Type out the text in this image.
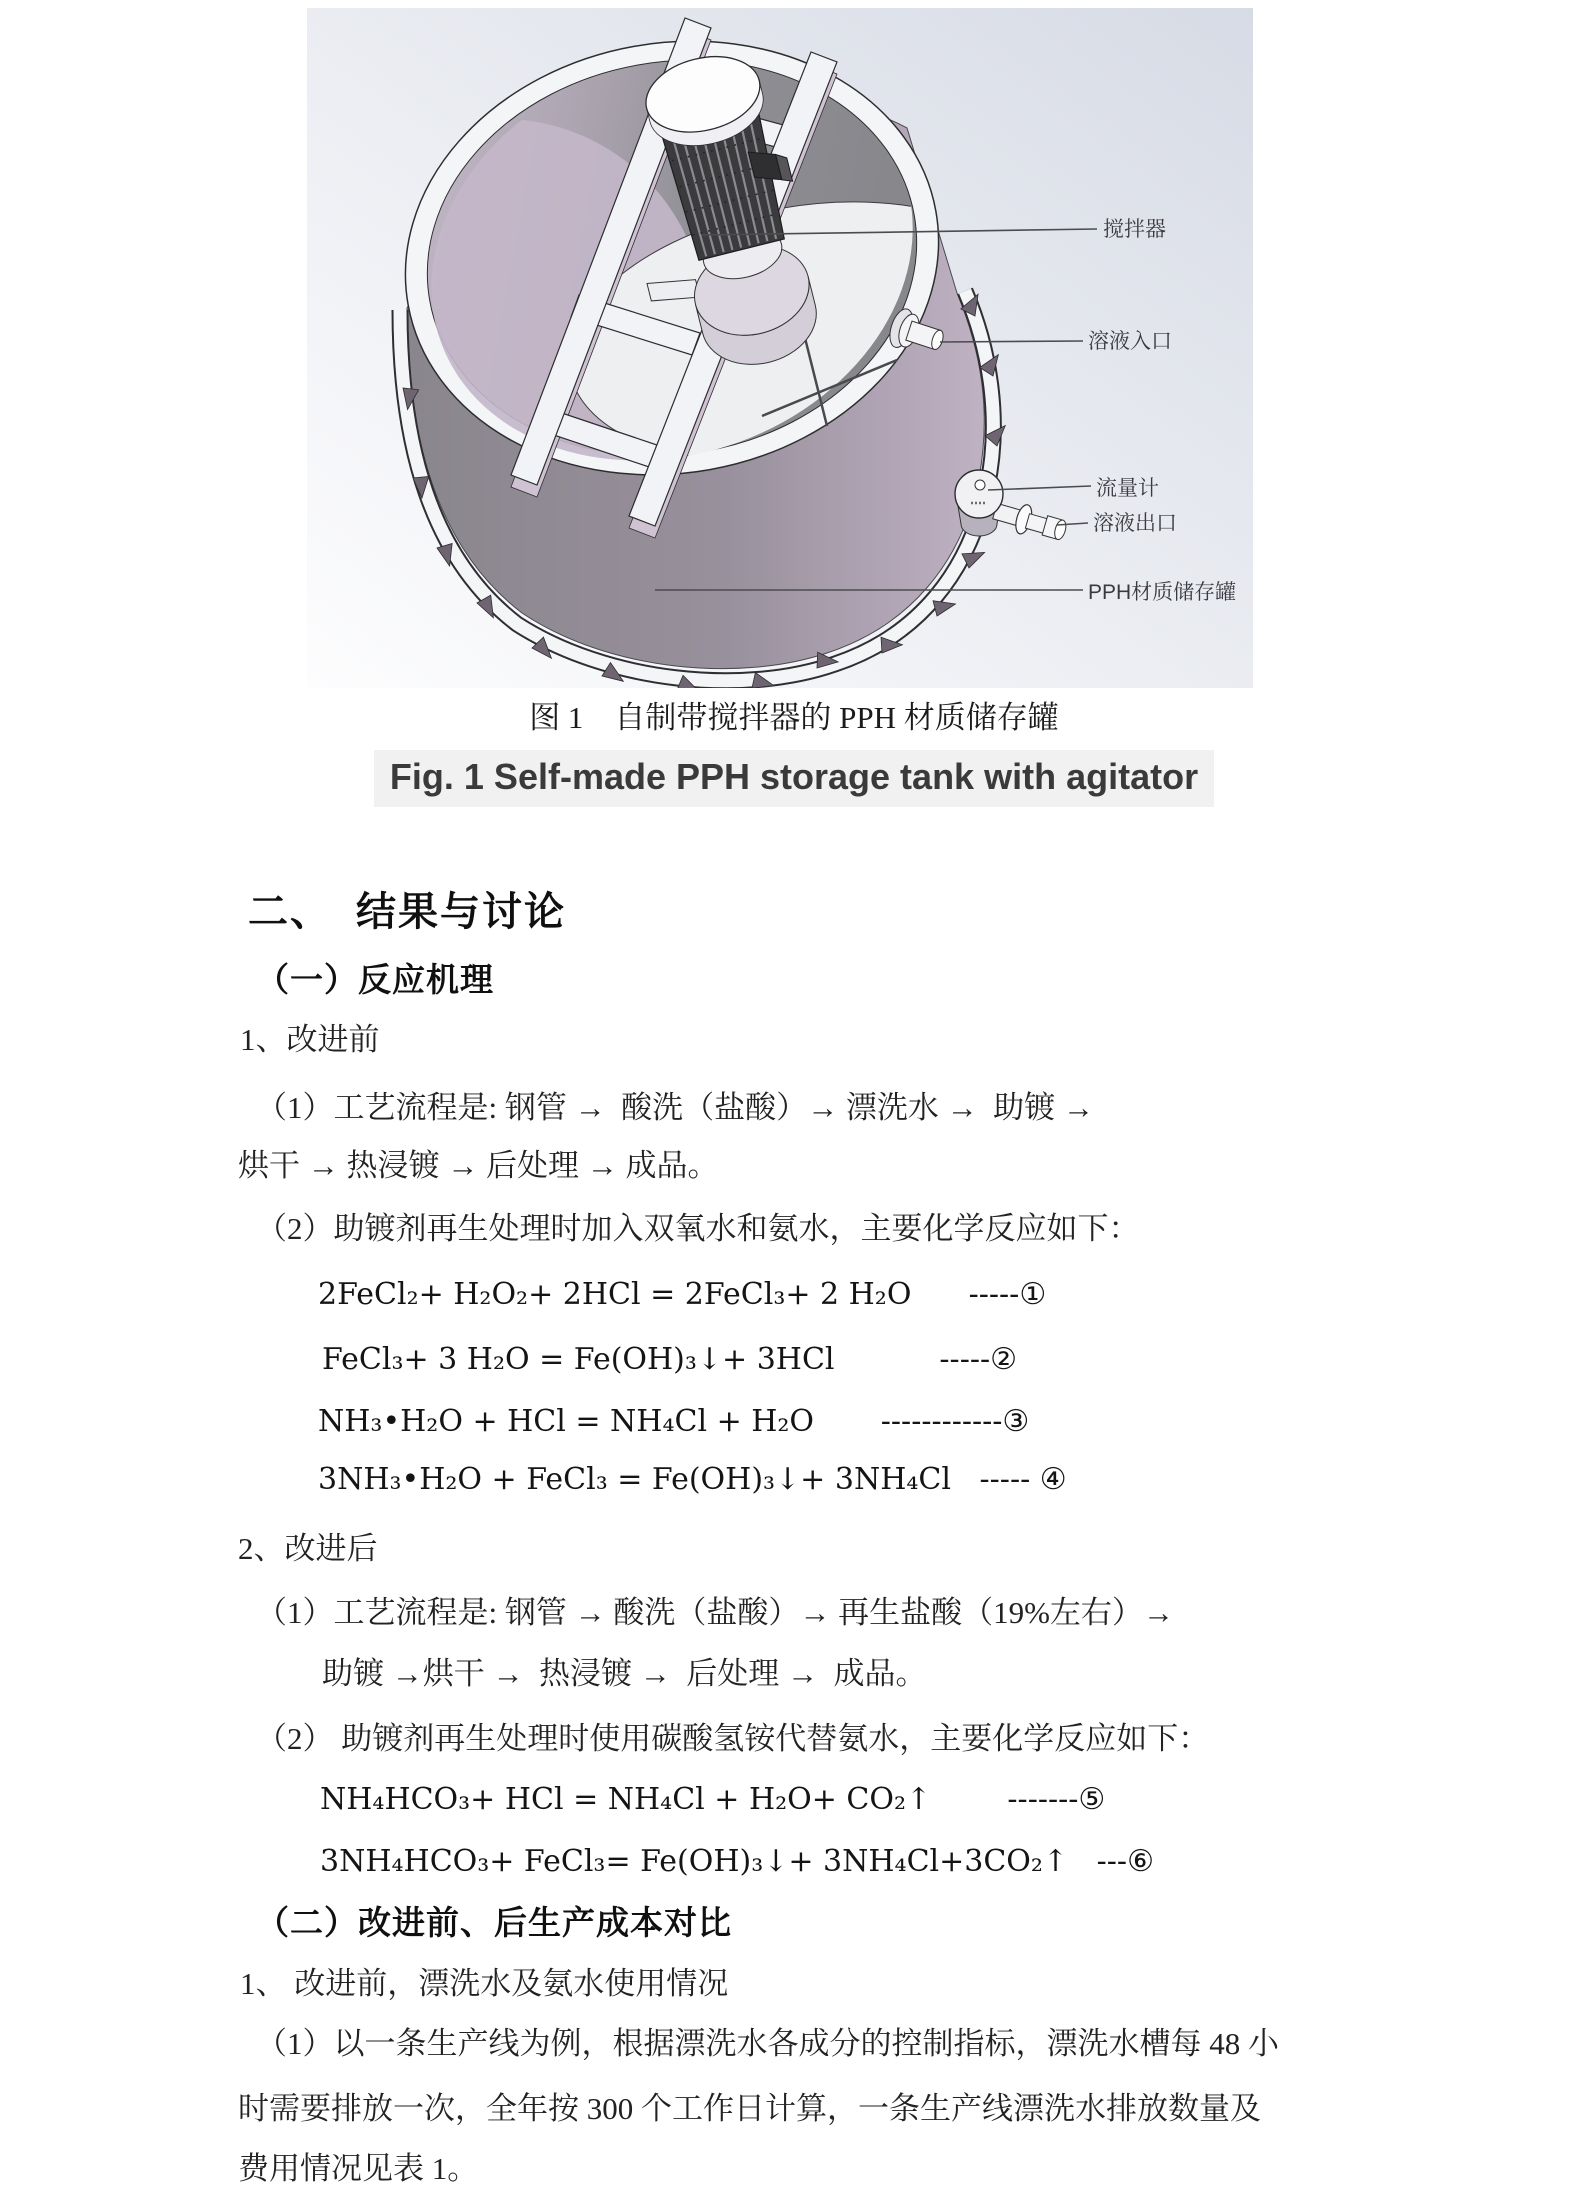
搅拌器
溶液入口
流量计
溶液出口
PPH材质储存罐
图 1　自制带搅拌器的 PPH 材质储存罐
Fig. 1 Self-made PPH storage tank with agitator
二、  结果与讨论
（一）反应机理
1、改进前
（1）工艺流程是: 钢管 →  酸洗（盐酸）→ 漂洗水 →  助镀 →
烘干 → 热浸镀 → 后处理 → 成品。
（2）助镀剂再生处理时加入双氧水和氨水，主要化学反应如下：
2FeCl₂+ H₂O₂+ 2HCl = 2FeCl₃+ 2 H₂O      -----①
FeCl₃+ 3 H₂O = Fe(OH)₃↓+ 3HCl           -----②
NH₃•H₂O + HCl = NH₄Cl + H₂O       ------------③
3NH₃•H₂O + FeCl₃ = Fe(OH)₃↓+ 3NH₄Cl   ----- ④
2、改进后
（1）工艺流程是: 钢管 → 酸洗（盐酸）→ 再生盐酸（19%左右）→
助镀 →烘干 →  热浸镀 →  后处理 →  成品。
（2） 助镀剂再生处理时使用碳酸氢铵代替氨水，主要化学反应如下：
NH₄HCO₃+ HCl = NH₄Cl + H₂O+ CO₂↑        -------⑤
3NH₄HCO₃+ FeCl₃= Fe(OH)₃↓+ 3NH₄Cl+3CO₂↑   ---⑥
（二）改进前、后生产成本对比
1、 改进前，漂洗水及氨水使用情况
（1）以一条生产线为例，根据漂洗水各成分的控制指标，漂洗水槽每 48 小
时需要排放一次，全年按 300 个工作日计算，一条生产线漂洗水排放数量及
费用情况见表 1。
